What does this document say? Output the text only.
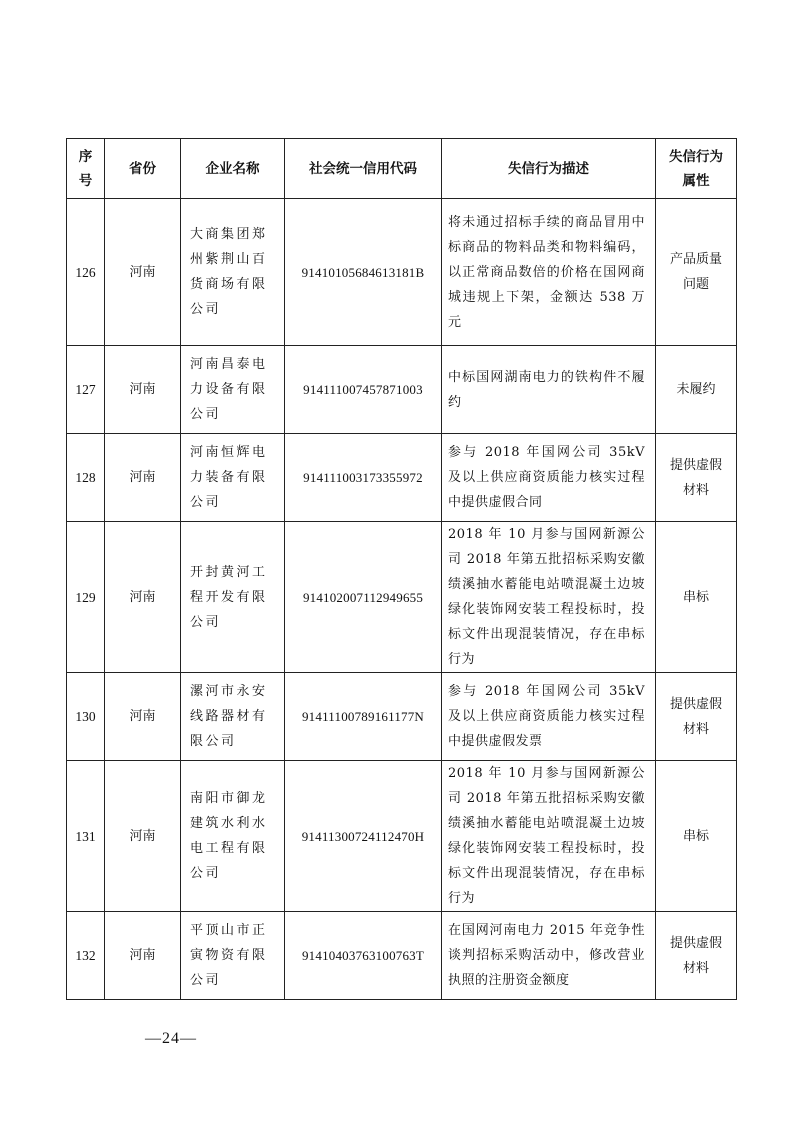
序号	省份	企业名称	社会统一信用代码	失信行为描述	失信行为属性
126	河南	大商集团郑州紫荆山百货商场有限公司	91410105684613181B	将未通过招标手续的商品冒用中标商品的物料品类和物料编码，以正常商品数倍的价格在国网商城违规上下架，金额达 538 万元	产品质量问题
127	河南	河南昌泰电力设备有限公司	914111007457871003	中标国网湖南电力的铁构件不履约	未履约
128	河南	河南恒辉电力装备有限公司	914111003173355972	参与 2018 年国网公司 35kV 及以上供应商资质能力核实过程中提供虚假合同	提供虚假材料
129	河南	开封黄河工程开发有限公司	914102007112949655	2018 年 10 月参与国网新源公司 2018 年第五批招标采购安徽绩溪抽水蓄能电站喷混凝土边坡绿化装饰网安装工程投标时，投标文件出现混装情况，存在串标行为	串标
130	河南	漯河市永安线路器材有限公司	91411100789161177N	参与 2018 年国网公司 35kV 及以上供应商资质能力核实过程中提供虚假发票	提供虚假材料
131	河南	南阳市御龙建筑水利水电工程有限公司	91411300724112470H	2018 年 10 月参与国网新源公司 2018 年第五批招标采购安徽绩溪抽水蓄能电站喷混凝土边坡绿化装饰网安装工程投标时，投标文件出现混装情况，存在串标行为	串标
132	河南	平顶山市正寅物资有限公司	91410403763100763T	在国网河南电力 2015 年竞争性谈判招标采购活动中，修改营业执照的注册资金额度	提供虚假材料
—24—
